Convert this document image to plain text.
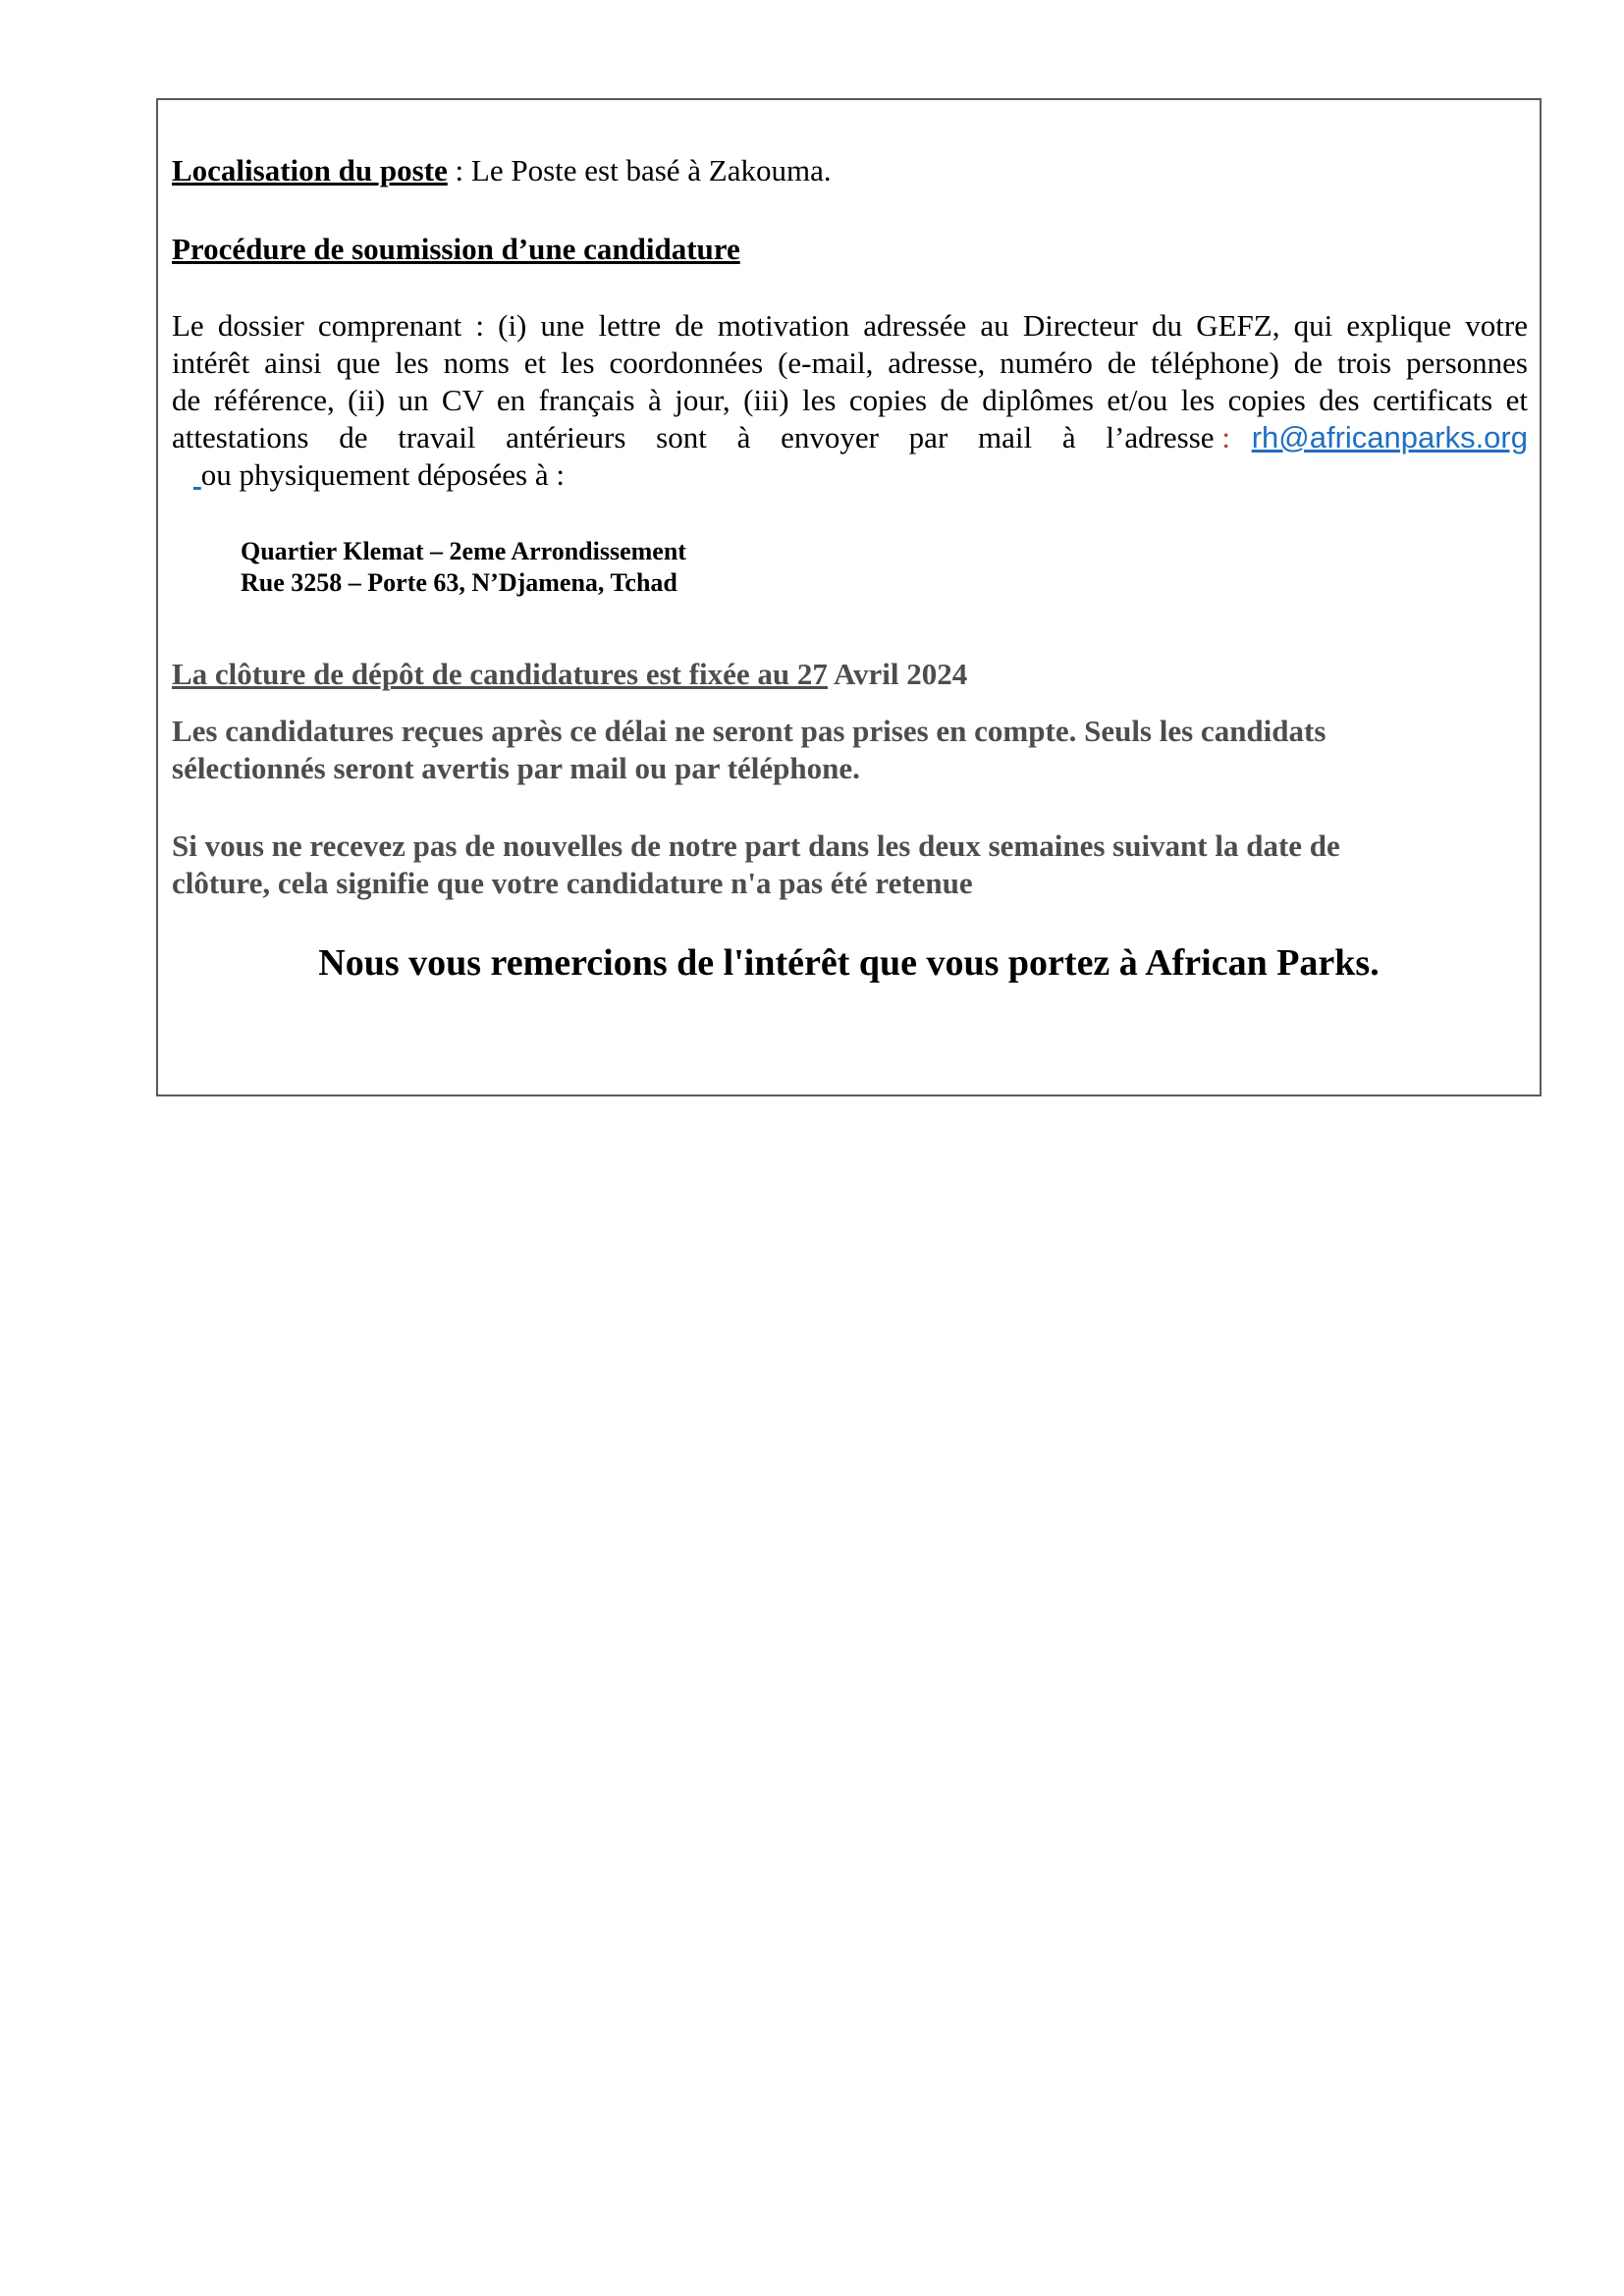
Localisation du poste : Le Poste est basé à Zakouma.

Procédure de soumission d’une candidature

Le dossier comprenant : (i) une lettre de motivation adressée au Directeur du GEFZ, qui explique votre

intérêt ainsi que les noms et les coordonnées (e-mail, adresse, numéro de téléphone) de trois personnes

de référence, (ii) un CV en français à jour, (iii) les copies de diplômes et/ou les copies des certificats et

attestations de travail antérieurs sont à envoyer par mail à l’adresse : rh@africanparks.org

ou physiquement déposées à :

Quartier Klemat – 2eme Arrondissement

Rue 3258 – Porte 63, N’Djamena, Tchad

La clôture de dépôt de candidatures est fixée au 27 Avril 2024

Les candidatures reçues après ce délai ne seront pas prises en compte. Seuls les candidats

sélectionnés seront avertis par mail ou par téléphone.

Si vous ne recevez pas de nouvelles de notre part dans les deux semaines suivant la date de

clôture, cela signifie que votre candidature n'a pas été retenue

Nous vous remercions de l'intérêt que vous portez à African Parks.
